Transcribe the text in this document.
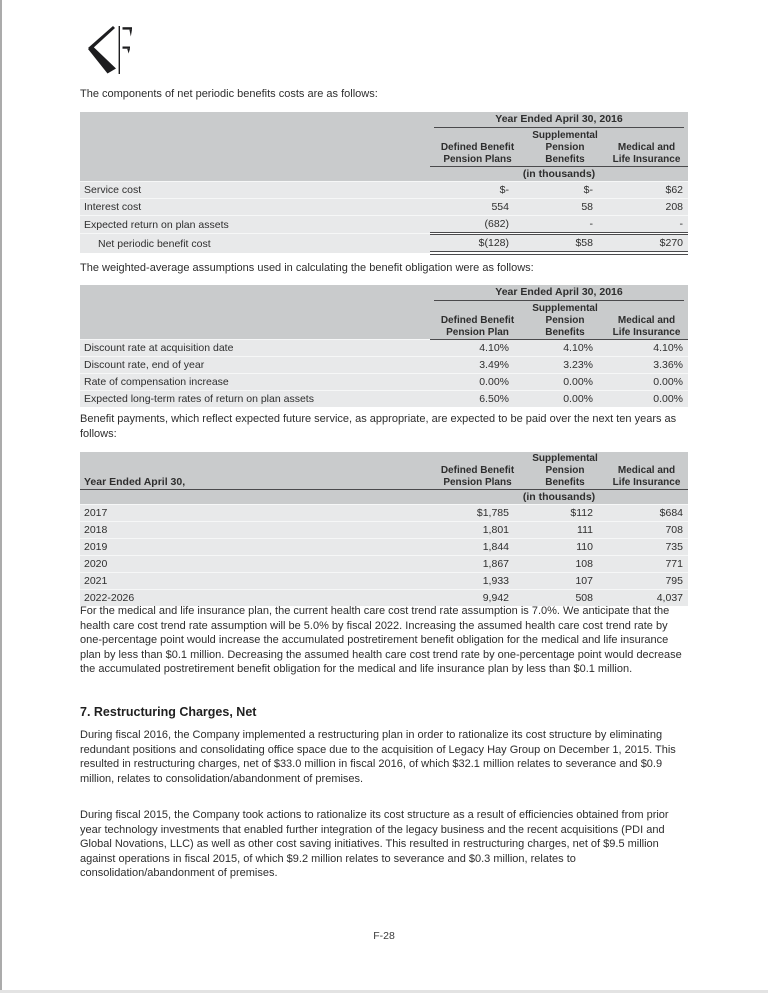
The components of net periodic benefits costs are as follows:

	Year Ended April 30, 2016		

	Defined Benefit Pension Plans	Supplemental Pension Benefits	Medical and Life Insurance
	(in thousands)		
Service cost	$-	$-	$62
Interest cost	554	58	208
Expected return on plan assets	(682)	-	-
Net periodic benefit cost	$(128)	$58	$270

The weighted-average assumptions used in calculating the benefit obligation were as follows:

	Year Ended April 30, 2016		

	Defined Benefit Pension Plan	Supplemental Pension Benefits	Medical and Life Insurance
Discount rate at acquisition date	4.10%	4.10%	4.10%
Discount rate, end of year	3.49%	3.23%	3.36%
Rate of compensation increase	0.00%	0.00%	0.00%
Expected long-term rates of return on plan assets	6.50%	0.00%	0.00%

Benefit payments, which reflect expected future service, as appropriate, are expected to be paid over the next ten years as follows:

Year Ended April 30,	Defined Benefit Pension Plans	Supplemental Pension Benefits	Medical and Life Insurance
	(in thousands)		
2017	$1,785	$112	$684
2018	1,801	111	708
2019	1,844	110	735
2020	1,867	108	771
2021	1,933	107	795
2022-2026	9,942	508	4,037

For the medical and life insurance plan, the current health care cost trend rate assumption is 7.0%. We anticipate that the health care cost trend rate assumption will be 5.0% by fiscal 2022. Increasing the assumed health care cost trend rate by one-percentage point would increase the accumulated postretirement benefit obligation for the medical and life insurance plan by less than $0.1 million. Decreasing the assumed health care cost trend rate by one-percentage point would decrease the accumulated postretirement benefit obligation for the medical and life insurance plan by less than $0.1 million.

7. Restructuring Charges, Net

During fiscal 2016, the Company implemented a restructuring plan in order to rationalize its cost structure by eliminating redundant positions and consolidating office space due to the acquisition of Legacy Hay Group on December 1, 2015. This resulted in restructuring charges, net of $33.0 million in fiscal 2016, of which $32.1 million relates to severance and $0.9 million, relates to consolidation/abandonment of premises.

During fiscal 2015, the Company took actions to rationalize its cost structure as a result of efficiencies obtained from prior year technology investments that enabled further integration of the legacy business and the recent acquisitions (PDI and Global Novations, LLC) as well as other cost saving initiatives. This resulted in restructuring charges, net of $9.5 million against operations in fiscal 2015, of which $9.2 million relates to severance and $0.3 million, relates to consolidation/abandonment of premises.

F-28
